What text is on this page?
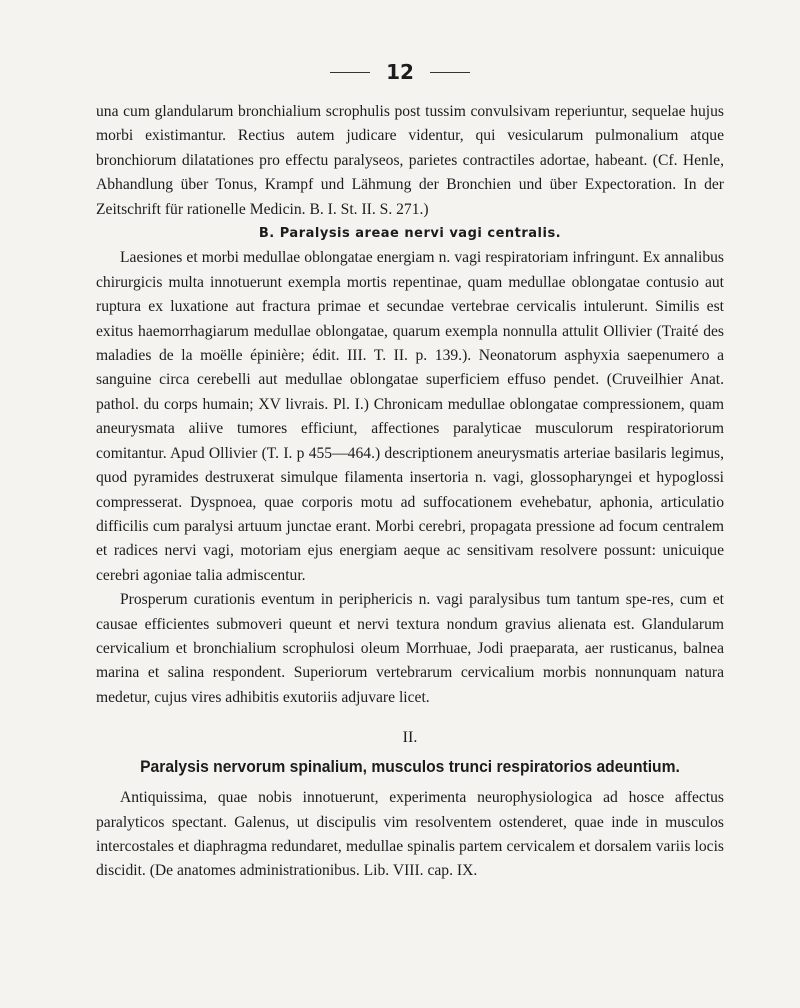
12

una cum glandularum bronchialium scrophulis post tussim convulsivam reperiuntur, sequelae hujus morbi existimantur. Rectius autem judicare videntur, qui vesicularum pulmonalium atque bronchiorum dilatationes pro effectu paralyseos, parietes contractiles adortae, habeant. (Cf. Henle, Abhandlung über Tonus, Krampf und Lähmung der Bronchien und über Expectoration. In der Zeitschrift für rationelle Medicin. B. I. St. II. S. 271.)

B. Paralysis areae nervi vagi centralis.

Laesiones et morbi medullae oblongatae energiam n. vagi respiratoriam infringunt. Ex annalibus chirurgicis multa innotuerunt exempla mortis repentinae, quam medullae oblongatae contusio aut ruptura ex luxatione aut fractura primae et secundae vertebrae cervicalis intulerunt. Similis est exitus haemorrhagiarum medullae oblongatae, quarum exempla nonnulla attulit Ollivier (Traité des maladies de la moëlle épinière; édit. III. T. II. p. 139.). Neonatorum asphyxia saepenumero a sanguine circa cerebelli aut medullae oblongatae superficiem effuso pendet. (Cruveilhier Anat. pathol. du corps humain; XV livrais. Pl. I.) Chronicam medullae oblongatae compressionem, quam aneurysmata aliive tumores efficiunt, affectiones paralyticae musculorum respiratoriorum comitantur. Apud Ollivier (T. I. p 455—464.) descriptionem aneurysmatis arteriae basilaris legimus, quod pyramides destruxerat simulque filamenta insertoria n. vagi, glossopharyngei et hypoglossi compresserat. Dyspnoea, quae corporis motu ad suffocationem evehebatur, aphonia, articulatio difficilis cum paralysi artuum junctae erant. Morbi cerebri, propagata pressione ad focum centralem et radices nervi vagi, motoriam ejus energiam aeque ac sensitivam resolvere possunt: unicuique cerebri agoniae talia admiscentur.

Prosperum curationis eventum in periphericis n. vagi paralysibus tum tantum spe-res, cum et causae efficientes submoveri queunt et nervi textura nondum gravius alienata est. Glandularum cervicalium et bronchialium scrophulosi oleum Morrhuae, Jodi praeparata, aer rusticanus, balnea marina et salina respondent. Superiorum vertebrarum cervicalium morbis nonnunquam natura medetur, cujus vires adhibitis exutoriis adjuvare licet.

II.
Paralysis nervorum spinalium, musculos trunci respiratorios adeuntium.

Antiquissima, quae nobis innotuerunt, experimenta neurophysiologica ad hosce affectus paralyticos spectant. Galenus, ut discipulis vim resolventem ostenderet, quae inde in musculos intercostales et diaphragma redundaret, medullae spinalis partem cervicalem et dorsalem variis locis discidit. (De anatomes administrationibus. Lib. VIII. cap. IX.
